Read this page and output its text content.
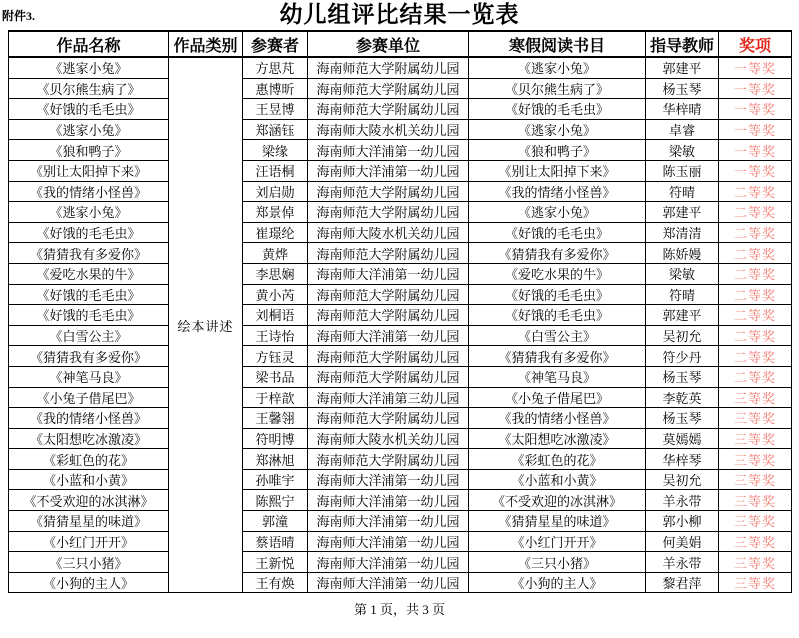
附件3.	幼儿组评比结果一览表
作品名称	作品类别	参赛者	参赛单位	寒假阅读书目	指导教师	奖项
《逃家小兔》	绘本讲述	方思芃	海南师范大学附属幼儿园	《逃家小兔》	郭建平	一等奖
《贝尔熊生病了》		惠博昕	海南师范大学附属幼儿园	《贝尔熊生病了》	杨玉琴	一等奖
《好饿的毛毛虫》		王昱博	海南师范大学附属幼儿园	《好饿的毛毛虫》	华梓晴	一等奖
《逃家小兔》		郑涵钰	海南师大陵水机关幼儿园	《逃家小兔》	卓睿	一等奖
《狼和鸭子》		梁缘	海南师大洋浦第一幼儿园	《狼和鸭子》	梁敏	一等奖
《别让太阳掉下来》		汪语桐	海南师大洋浦第一幼儿园	《别让太阳掉下来》	陈玉丽	一等奖
《我的情绪小怪兽》		刘启勋	海南师范大学附属幼儿园	《我的情绪小怪兽》	符晴	二等奖
《逃家小兔》		郑景倬	海南师范大学附属幼儿园	《逃家小兔》	郭建平	二等奖
《好饿的毛毛虫》		崔璟纶	海南师大陵水机关幼儿园	《好饿的毛毛虫》	郑清清	二等奖
《猜猜我有多爱你》		黄烨	海南师范大学附属幼儿园	《猜猜我有多爱你》	陈娇嫚	二等奖
《爱吃水果的牛》		李思娴	海南师大洋浦第一幼儿园	《爱吃水果的牛》	梁敏	二等奖
《好饿的毛毛虫》		黄小芮	海南师范大学附属幼儿园	《好饿的毛毛虫》	符晴	二等奖
《好饿的毛毛虫》		刘桐语	海南师范大学附属幼儿园	《好饿的毛毛虫》	郭建平	二等奖
《白雪公主》		王诗怡	海南师大洋浦第一幼儿园	《白雪公主》	吴初允	二等奖
《猜猜我有多爱你》		方钰灵	海南师范大学附属幼儿园	《猜猜我有多爱你》	符少丹	二等奖
《神笔马良》		梁书品	海南师范大学附属幼儿园	《神笔马良》	杨玉琴	二等奖
《小兔子借尾巴》		于梓歆	海南师大洋浦第三幼儿园	《小兔子借尾巴》	李乾英	三等奖
《我的情绪小怪兽》		王馨翎	海南师范大学附属幼儿园	《我的情绪小怪兽》	杨玉琴	三等奖
《太阳想吃冰激凌》		符明博	海南师大陵水机关幼儿园	《太阳想吃冰激凌》	莫嫣嫣	三等奖
《彩虹色的花》		郑淋旭	海南师范大学附属幼儿园	《彩虹色的花》	华梓琴	三等奖
《小蓝和小黄》		孙唯宇	海南师大洋浦第一幼儿园	《小蓝和小黄》	吴初允	三等奖
《不受欢迎的冰淇淋》		陈熙宁	海南师大洋浦第一幼儿园	《不受欢迎的冰淇淋》	羊永带	三等奖
《猜猜星星的味道》		郭潼	海南师大洋浦第一幼儿园	《猜猜星星的味道》	郭小柳	三等奖
《小红门开开》		蔡语晴	海南师大洋浦第一幼儿园	《小红门开开》	何美娟	三等奖
《三只小猪》		王新悦	海南师大洋浦第一幼儿园	《三只小猪》	羊永带	三等奖
《小狗的主人》		王有焕	海南师大洋浦第一幼儿园	《小狗的主人》	黎君萍	三等奖
第 1 页，共 3 页
